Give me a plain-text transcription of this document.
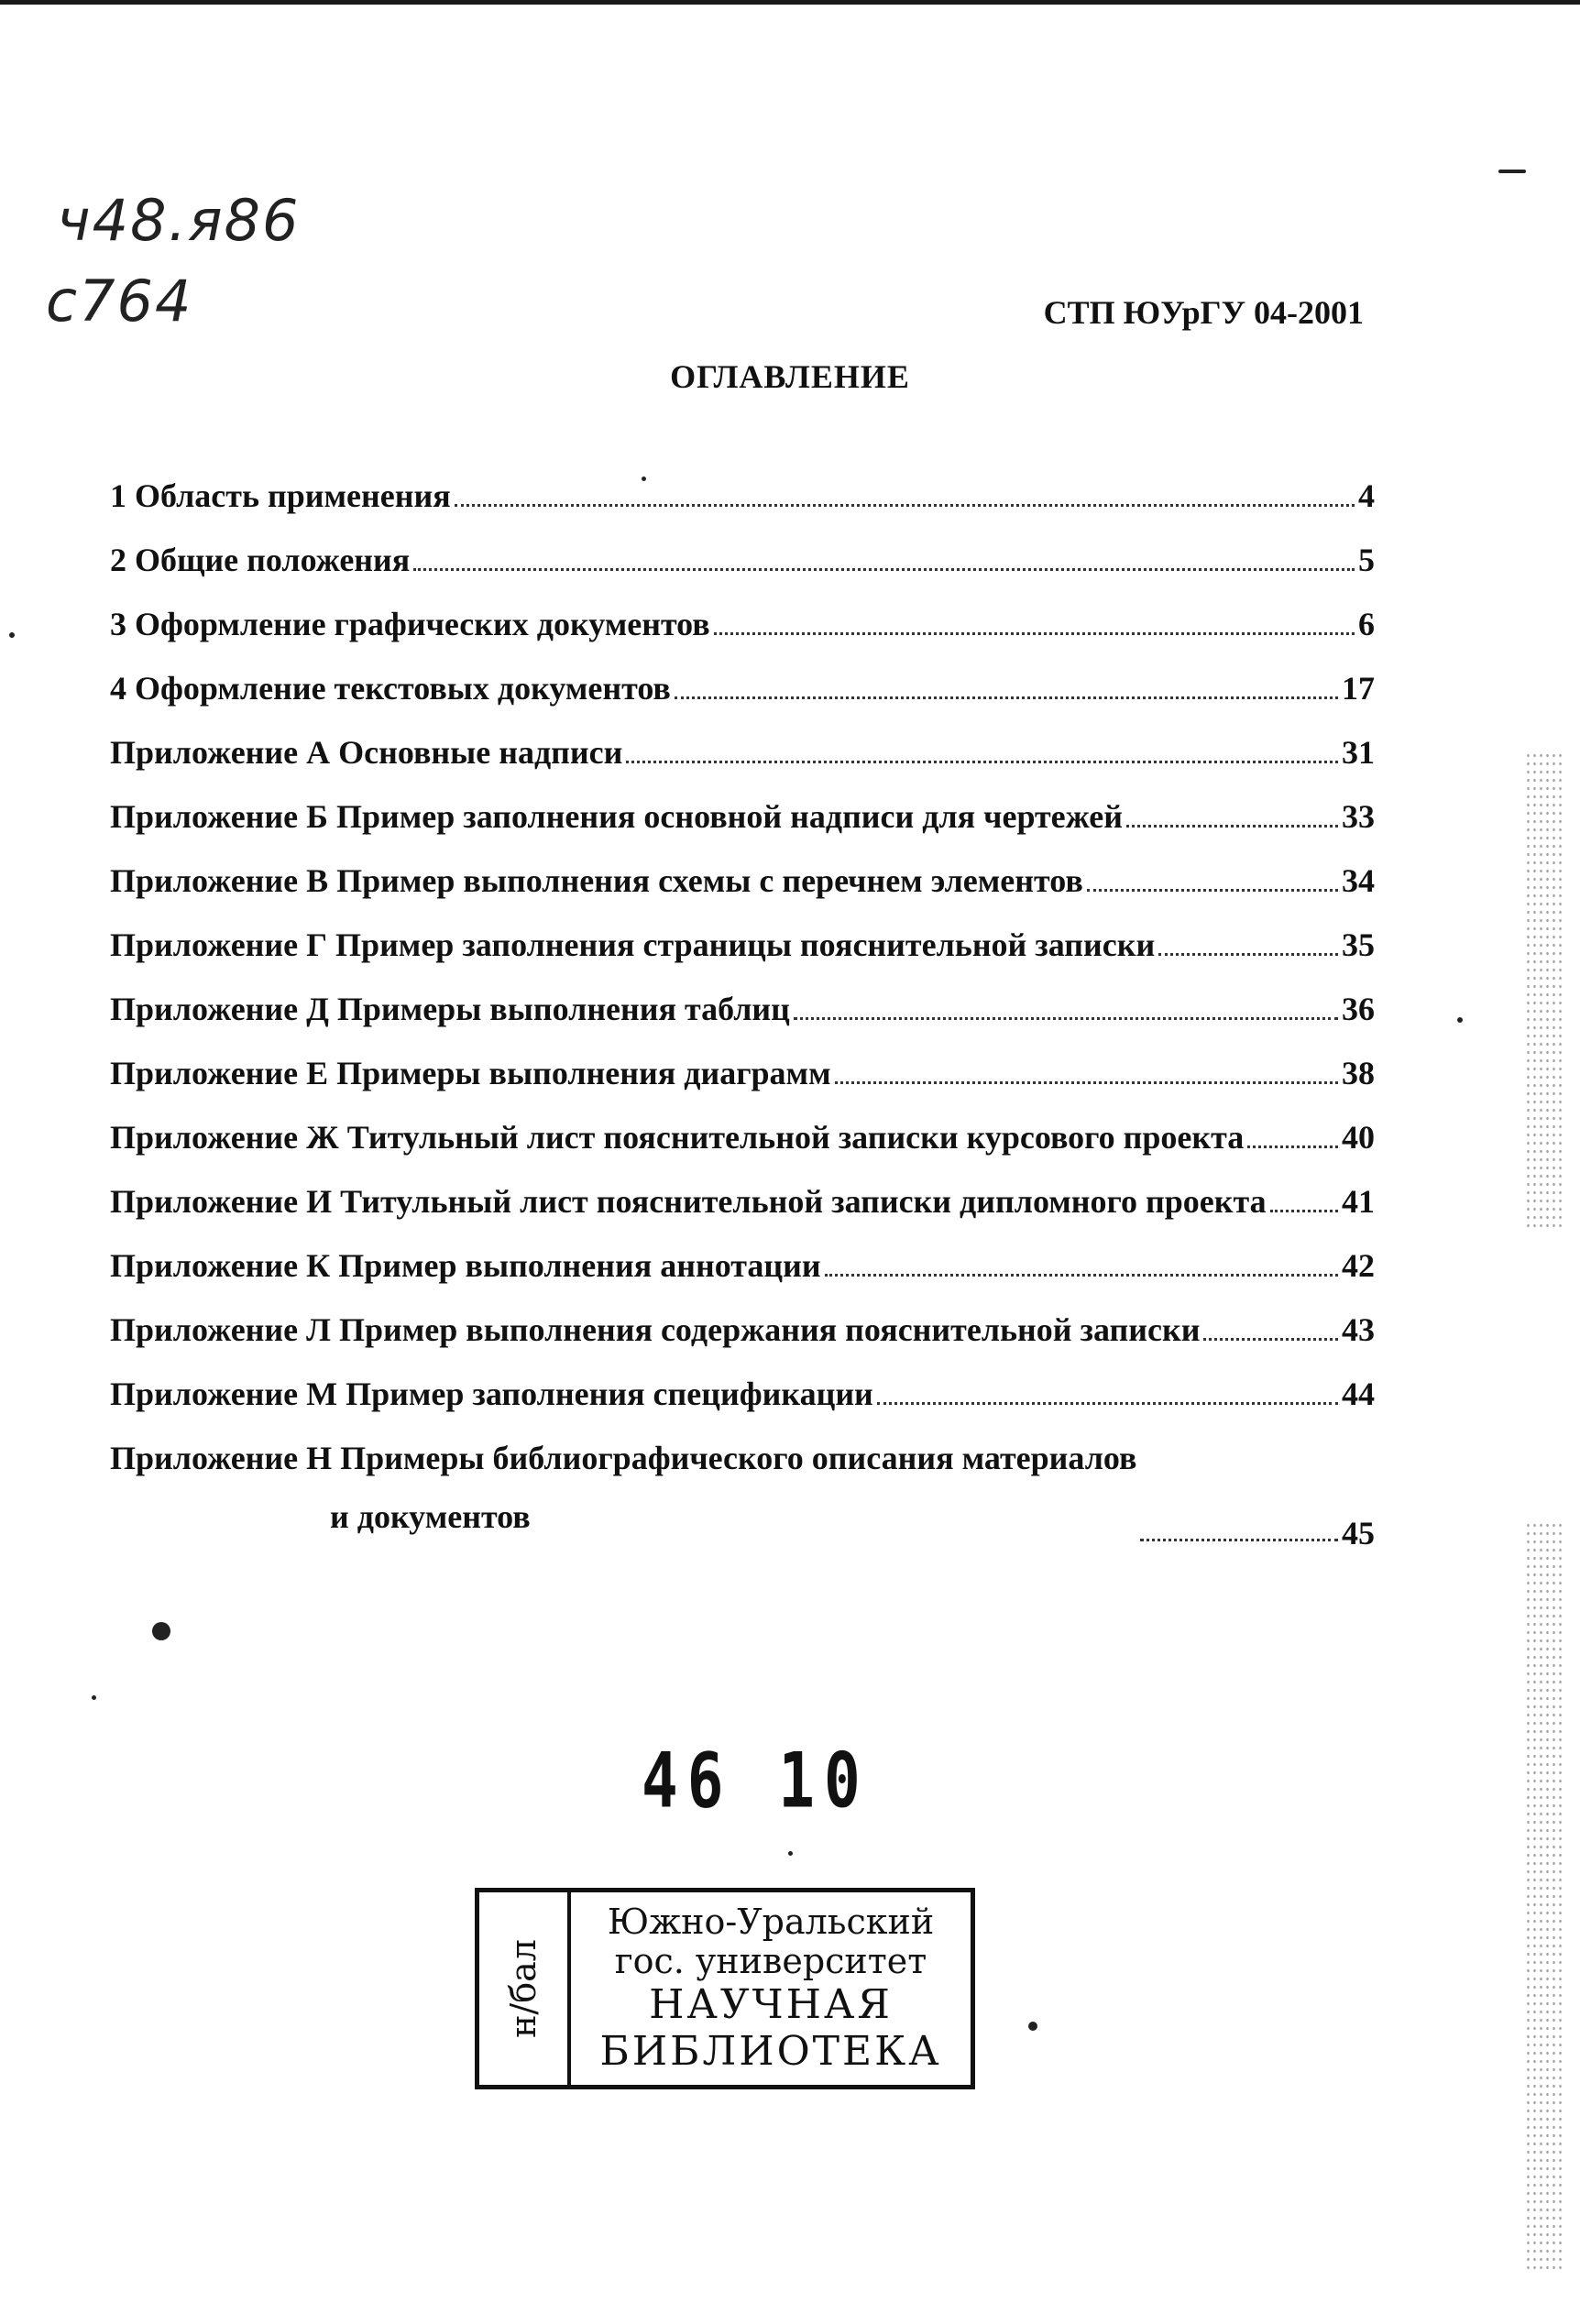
ч48.я86
с764	СТП ЮУрГУ 04-2001
ОГЛАВЛЕНИЕ
1 Область применения	4
2 Общие положения	5
3 Оформление графических документов	6
4 Оформление текстовых документов	17
Приложение А Основные надписи	31
Приложение Б Пример заполнения основной надписи для чертежей	33
Приложение В Пример выполнения схемы с перечнем элементов	34
Приложение Г Пример заполнения страницы пояснительной записки	35
Приложение Д Примеры выполнения таблиц	36
Приложение Е Примеры выполнения диаграмм	38
Приложение Ж Титульный лист пояснительной записки курсового проекта	40
Приложение И Титульный лист пояснительной записки дипломного проекта 41
Приложение К Пример выполнения аннотации	42
Приложение Л Пример выполнения содержания пояснительной записки	43
Приложение М Пример заполнения спецификации	44
Приложение Н Примеры библиографического описания материалов
и документов	45
46 10
н/бал
Южно-Уральский
гос. университет
НАУЧНАЯ
БИБЛИОТЕКА
